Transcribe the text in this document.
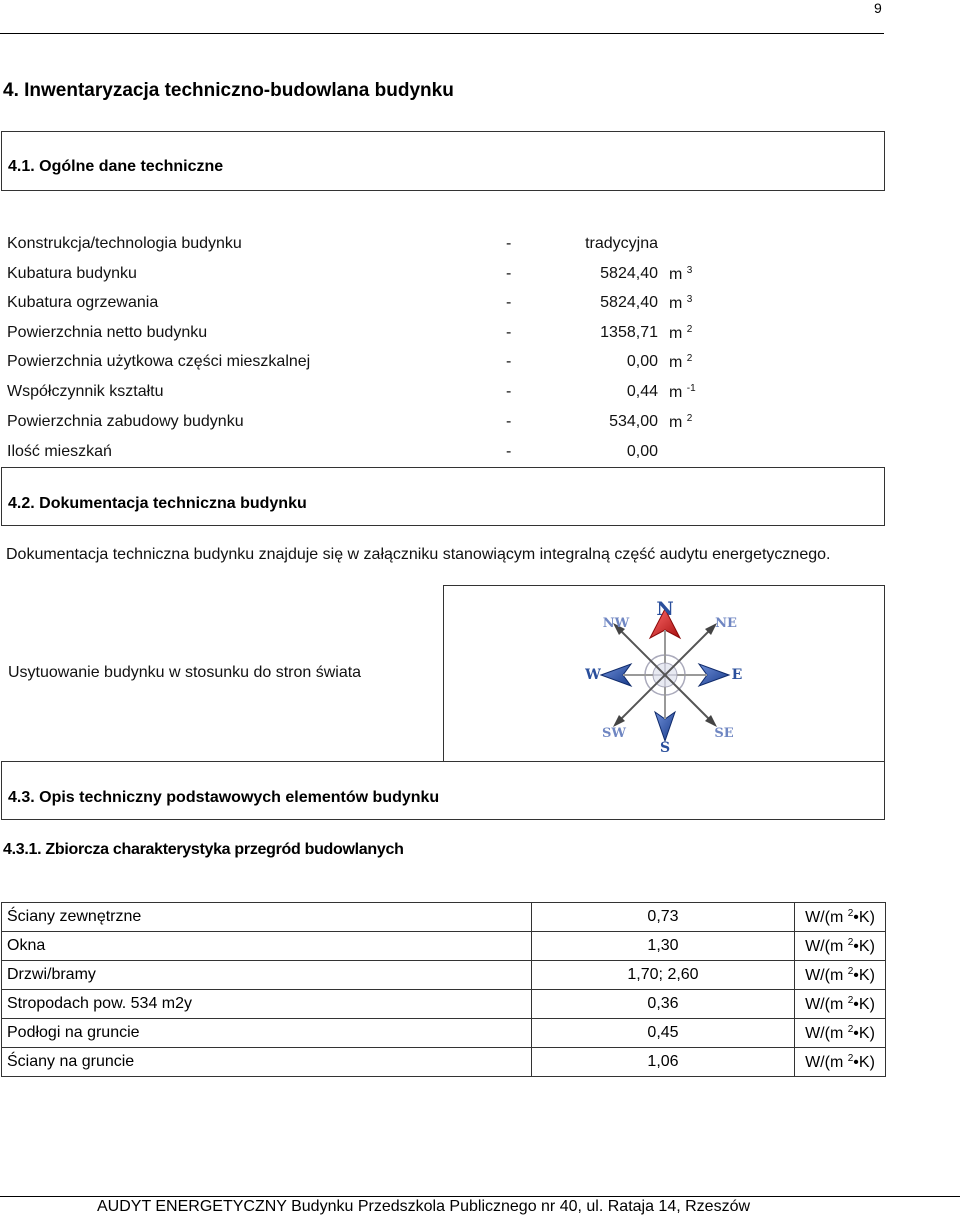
9
4. Inwentaryzacja techniczno-budowlana budynku
4.1. Ogólne dane techniczne
Konstrukcja/technologia budynku	-	tradycyjna
Kubatura budynku	-	5824,40 m $^3$
Kubatura ogrzewania	-	5824,40 m $^3$
Powierzchnia netto budynku	-	1358,71 m $^2$
Powierzchnia użytkowa części mieszkalnej	-	0,00 m $^2$
Współczynnik kształtu	-	0,44 m $^{-1}$
Powierzchnia zabudowy budynku	-	534,00 m $^2$
Ilość mieszkań	-	0,00
4.2. Dokumentacja techniczna budynku
Dokumentacja techniczna budynku znajduje się w załączniku stanowiącym integralną część audytu energetycznego.
N
NW	NE
W	E
SW	SE
S
Usytuowanie budynku w stosunku do stron świata
4.3. Opis techniczny podstawowych elementów budynku
4.3.1. Zbiorcza charakterystyka przegród budowlanych
Ściany zewnętrzne	0,73	W/(m $^2$•K)
Okna	1,30	W/(m $^2$•K)
Drzwi/bramy	1,70; 2,60	W/(m $^2$•K)
Stropodach pow. 534 m2y	0,36	W/(m $^2$•K)
Podłogi na gruncie	0,45	W/(m $^2$•K)
Ściany na gruncie	1,06	W/(m $^2$•K)
AUDYT ENERGETYCZNY Budynku Przedszkola Publicznego nr 40, ul. Rataja 14, Rzeszów
